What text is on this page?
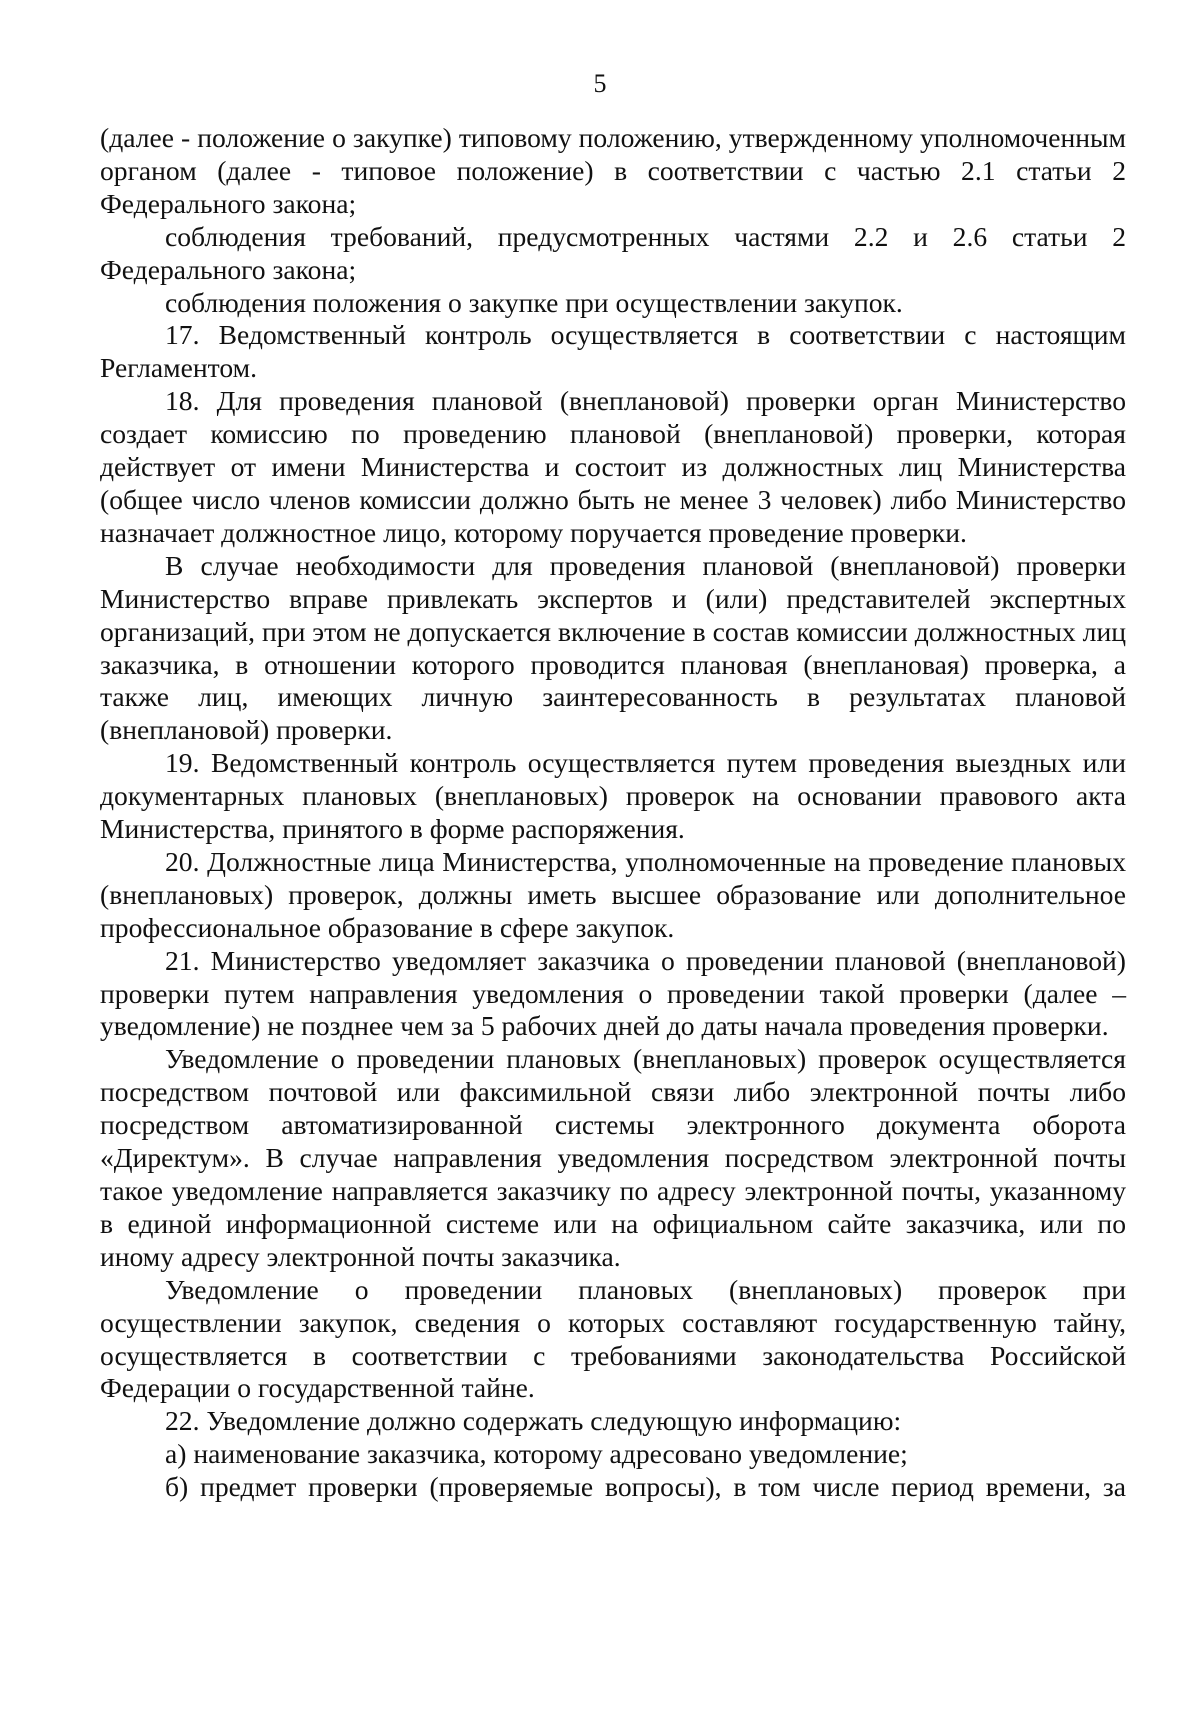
5

(далее - положение о закупке) типовому положению, утвержденному уполномоченным органом (далее - типовое положение) в соответствии с частью 2.1 статьи 2 Федерального закона;

соблюдения требований, предусмотренных частями 2.2 и 2.6 статьи 2 Федерального закона;

соблюдения положения о закупке при осуществлении закупок.

17. Ведомственный контроль осуществляется в соответствии с настоящим Регламентом.

18. Для проведения плановой (внеплановой) проверки орган Министерство создает комиссию по проведению плановой (внеплановой) проверки, которая действует от имени Министерства и состоит из должностных лиц Министерства (общее число членов комиссии должно быть не менее 3 человек) либо Министерство назначает должностное лицо, которому поручается проведение проверки.

В случае необходимости для проведения плановой (внеплановой) проверки Министерство вправе привлекать экспертов и (или) представителей экспертных организаций, при этом не допускается включение в состав комиссии должностных лиц заказчика, в отношении которого проводится плановая (внеплановая) проверка, а также лиц, имеющих личную заинтересованность в результатах плановой (внеплановой) проверки.

19. Ведомственный контроль осуществляется путем проведения выездных или документарных плановых (внеплановых) проверок на основании правового акта Министерства, принятого в форме распоряжения.

20. Должностные лица Министерства, уполномоченные на проведение плановых (внеплановых) проверок, должны иметь высшее образование или дополнительное профессиональное образование в сфере закупок.

21. Министерство уведомляет заказчика о проведении плановой (внеплановой) проверки путем направления уведомления о проведении такой проверки (далее – уведомление) не позднее чем за 5 рабочих дней до даты начала проведения проверки.

Уведомление о проведении плановых (внеплановых) проверок осуществляется посредством почтовой или факсимильной связи либо электронной почты либо посредством автоматизированной системы электронного документа оборота «Директум». В случае направления уведомления посредством электронной почты такое уведомление направляется заказчику по адресу электронной почты, указанному в единой информационной системе или на официальном сайте заказчика, или по иному адресу электронной почты заказчика.

Уведомление о проведении плановых (внеплановых) проверок при осуществлении закупок, сведения о которых составляют государственную тайну, осуществляется в соответствии с требованиями законодательства Российской Федерации о государственной тайне.

22. Уведомление должно содержать следующую информацию:

а) наименование заказчика, которому адресовано уведомление;

б) предмет проверки (проверяемые вопросы), в том числе период времени, за
